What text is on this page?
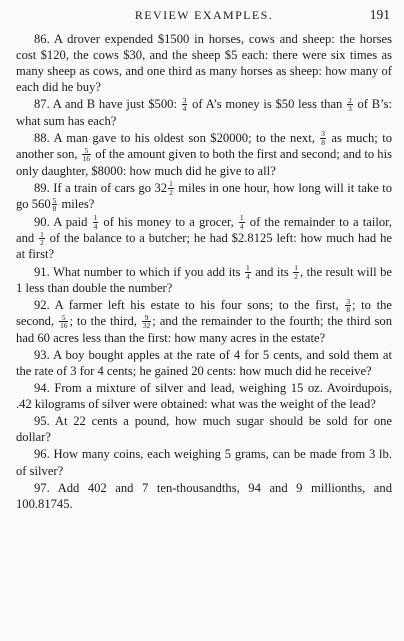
REVIEW EXAMPLES.	191

86. A drover expended $1500 in horses, cows and sheep: the horses cost $120, the cows $30, and the sheep $5 each: there were six times as many sheep as cows, and one third as many horses as sheep: how many of each did he buy?

87. A and B have just $500: $\frac{3}{4}$ of A’s money is $50 less than $\frac{2}{3}$ of B’s: what sum has each?

88. A man gave to his oldest son $20000; to the next, $\frac{3}{8}$ as much; to another son, $\frac{5}{16}$ of the amount given to both the first and second; and to his only daughter, $8000: how much did he give to all?

89. If a train of cars go $32 \frac{1}{2}$ miles in one hour, how long will it take to go $560 \frac{5}{8}$ miles?

90. A paid $\frac{1}{4}$ of his money to a grocer, $\frac{1}{4}$ of the remainder to a tailor, and $\frac{1}{2}$ of the balance to a butcher; he had $2.8125 left: how much had he at first?

91. What number to which if you add its $\frac{1}{4}$ and its $\frac{1}{2}$ , the result will be 1 less than double the number?

92. A farmer left his estate to his four sons; to the first, $\frac{3}{8}$ ; to the second, $\frac{5}{16}$ ; to the third, $\frac{9}{32}$ ; and the remainder to the fourth; the third son had 60 acres less than the first: how many acres in the estate?

93. A boy bought apples at the rate of 4 for 5 cents, and sold them at the rate of 3 for 4 cents; he gained 20 cents: how much did he receive?

94. From a mixture of silver and lead, weighing 15 oz. Avoirdupois, .42 kilograms of silver were obtained: what was the weight of the lead?

95. At 22 cents a pound, how much sugar should be sold for one dollar?

96. How many coins, each weighing 5 grams, can be made from 3 lb. of silver?

97. Add 402 and 7 ten-thousandths, 94 and 9 millionths, and 100.81745.
